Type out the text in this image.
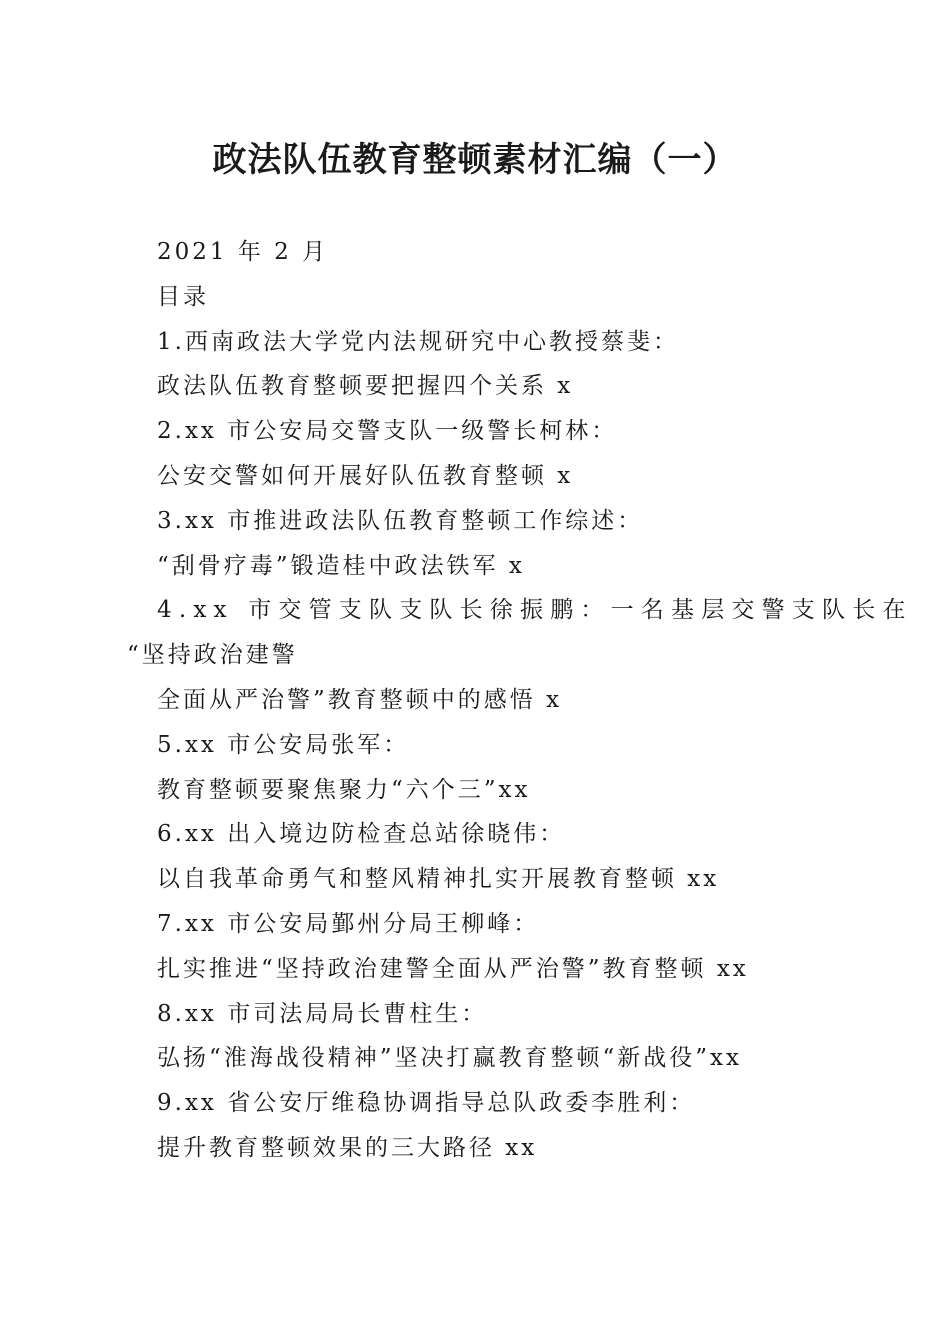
政法队伍教育整顿素材汇编（一）

2021 年 2 月

目录

1.西南政法大学党内法规研究中心教授蔡斐：

政法队伍教育整顿要把握四个关系 x

2.xx 市公安局交警支队一级警长柯林：

公安交警如何开展好队伍教育整顿 x

3.xx 市推进政法队伍教育整顿工作综述：

“刮骨疗毒”锻造桂中政法铁军 x

4.xx 市交管支队支队长徐振鹏：一名基层交警支队长在
“坚持政治建警

全面从严治警”教育整顿中的感悟 x

5.xx 市公安局张军：

教育整顿要聚焦聚力“六个三”xx

6.xx 出入境边防检查总站徐晓伟：

以自我革命勇气和整风精神扎实开展教育整顿 xx

7.xx 市公安局鄞州分局王柳峰：

扎实推进“坚持政治建警全面从严治警”教育整顿 xx

8.xx 市司法局局长曹柱生：

弘扬“淮海战役精神”坚决打赢教育整顿“新战役”xx

9.xx 省公安厅维稳协调指导总队政委李胜利：

提升教育整顿效果的三大路径 xx
